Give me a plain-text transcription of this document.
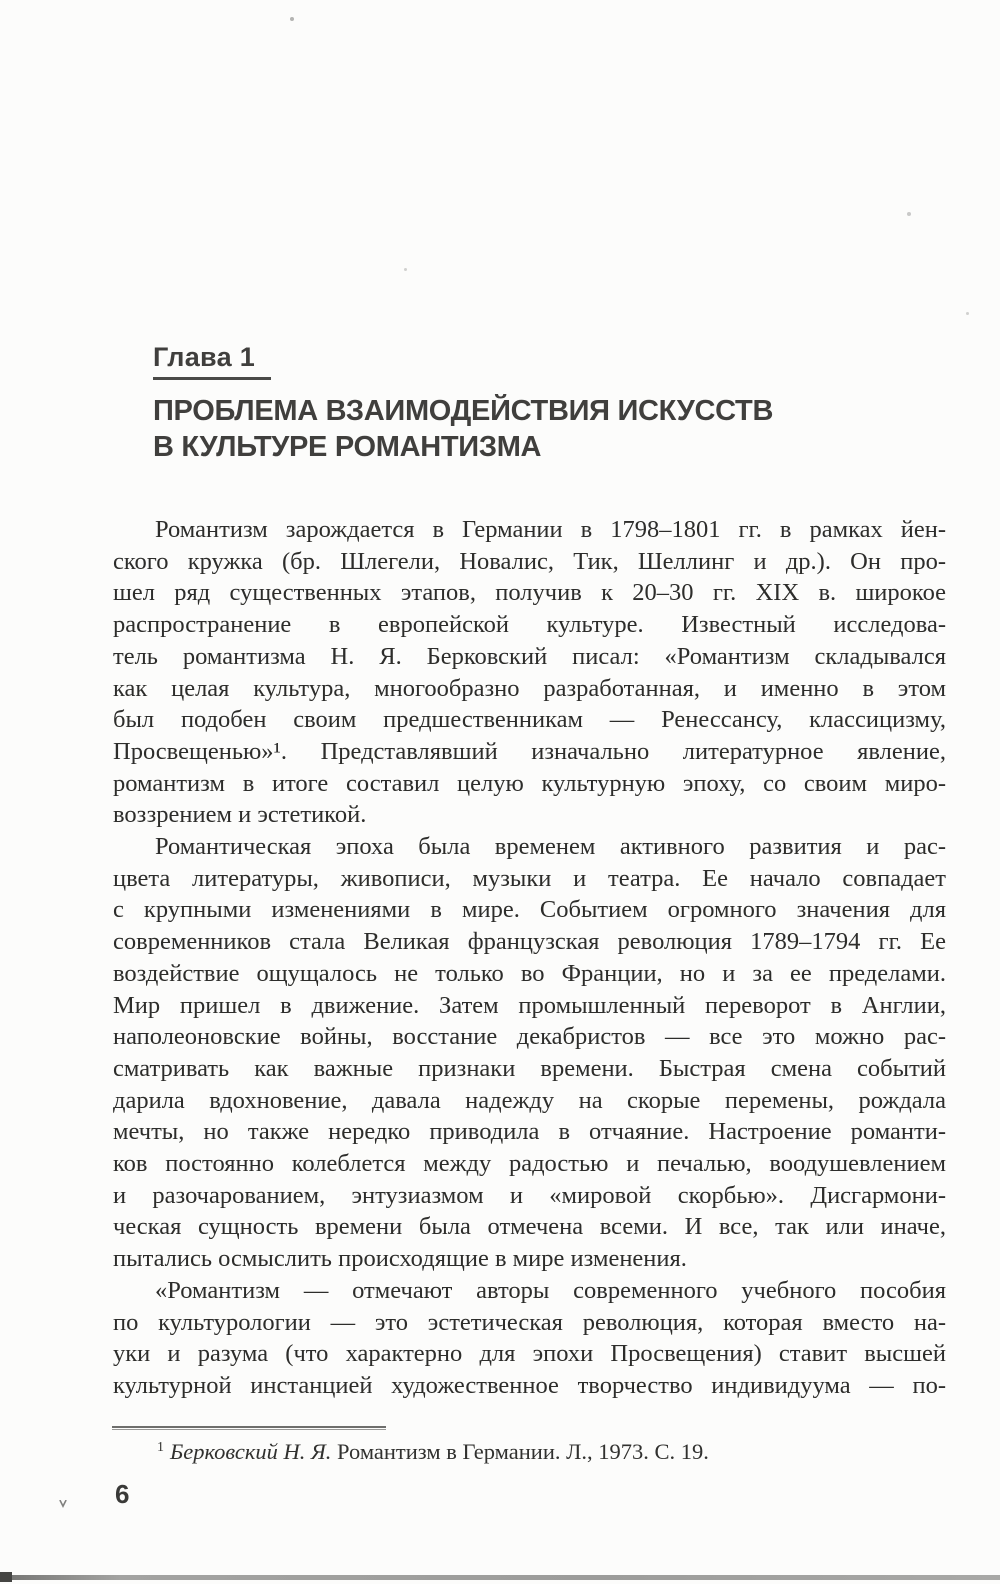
Глава 1
ПРОБЛЕМА ВЗАИМОДЕЙСТВИЯ ИСКУССТВ
В КУЛЬТУРЕ РОМАНТИЗМА
Романтизм зарождается в Германии в 1798–1801 гг. в рамках йен-
ского кружка (бр. Шлегели, Новалис, Тик, Шеллинг и др.). Он про-
шел ряд существенных этапов, получив к 20–30 гг. XIX в. широкое
распространение в европейской культуре. Известный исследова-
тель романтизма Н. Я. Берковский писал: «Романтизм складывался
как целая культура, многообразно разработанная, и именно в этом
был подобен своим предшественникам — Ренессансу, классицизму,
Просвещенью»¹. Представлявший изначально литературное явление,
романтизм в итоге составил целую культурную эпоху, со своим миро-
воззрением и эстетикой.
Романтическая эпоха была временем активного развития и рас-
цвета литературы, живописи, музыки и театра. Ее начало совпадает
с крупными изменениями в мире. Событием огромного значения для
современников стала Великая французская революция 1789–1794 гг. Ее
воздействие ощущалось не только во Франции, но и за ее пределами.
Мир пришел в движение. Затем промышленный переворот в Англии,
наполеоновские войны, восстание декабристов — все это можно рас-
сматривать как важные признаки времени. Быстрая смена событий
дарила вдохновение, давала надежду на скорые перемены, рождала
мечты, но также нередко приводила в отчаяние. Настроение романти-
ков постоянно колеблется между радостью и печалью, воодушевлением
и разочарованием, энтузиазмом и «мировой скорбью». Дисгармони-
ческая сущность времени была отмечена всеми. И все, так или иначе,
пытались осмыслить происходящие в мире изменения.
«Романтизм — отмечают авторы современного учебного пособия
по культурологии — это эстетическая революция, которая вместо на-
уки и разума (что характерно для эпохи Просвещения) ставит высшей
культурной инстанцией художественное творчество индивидуума — по-
$^1$ Берковский Н. Я. Романтизм в Германии. Л., 1973. С. 19.
6
